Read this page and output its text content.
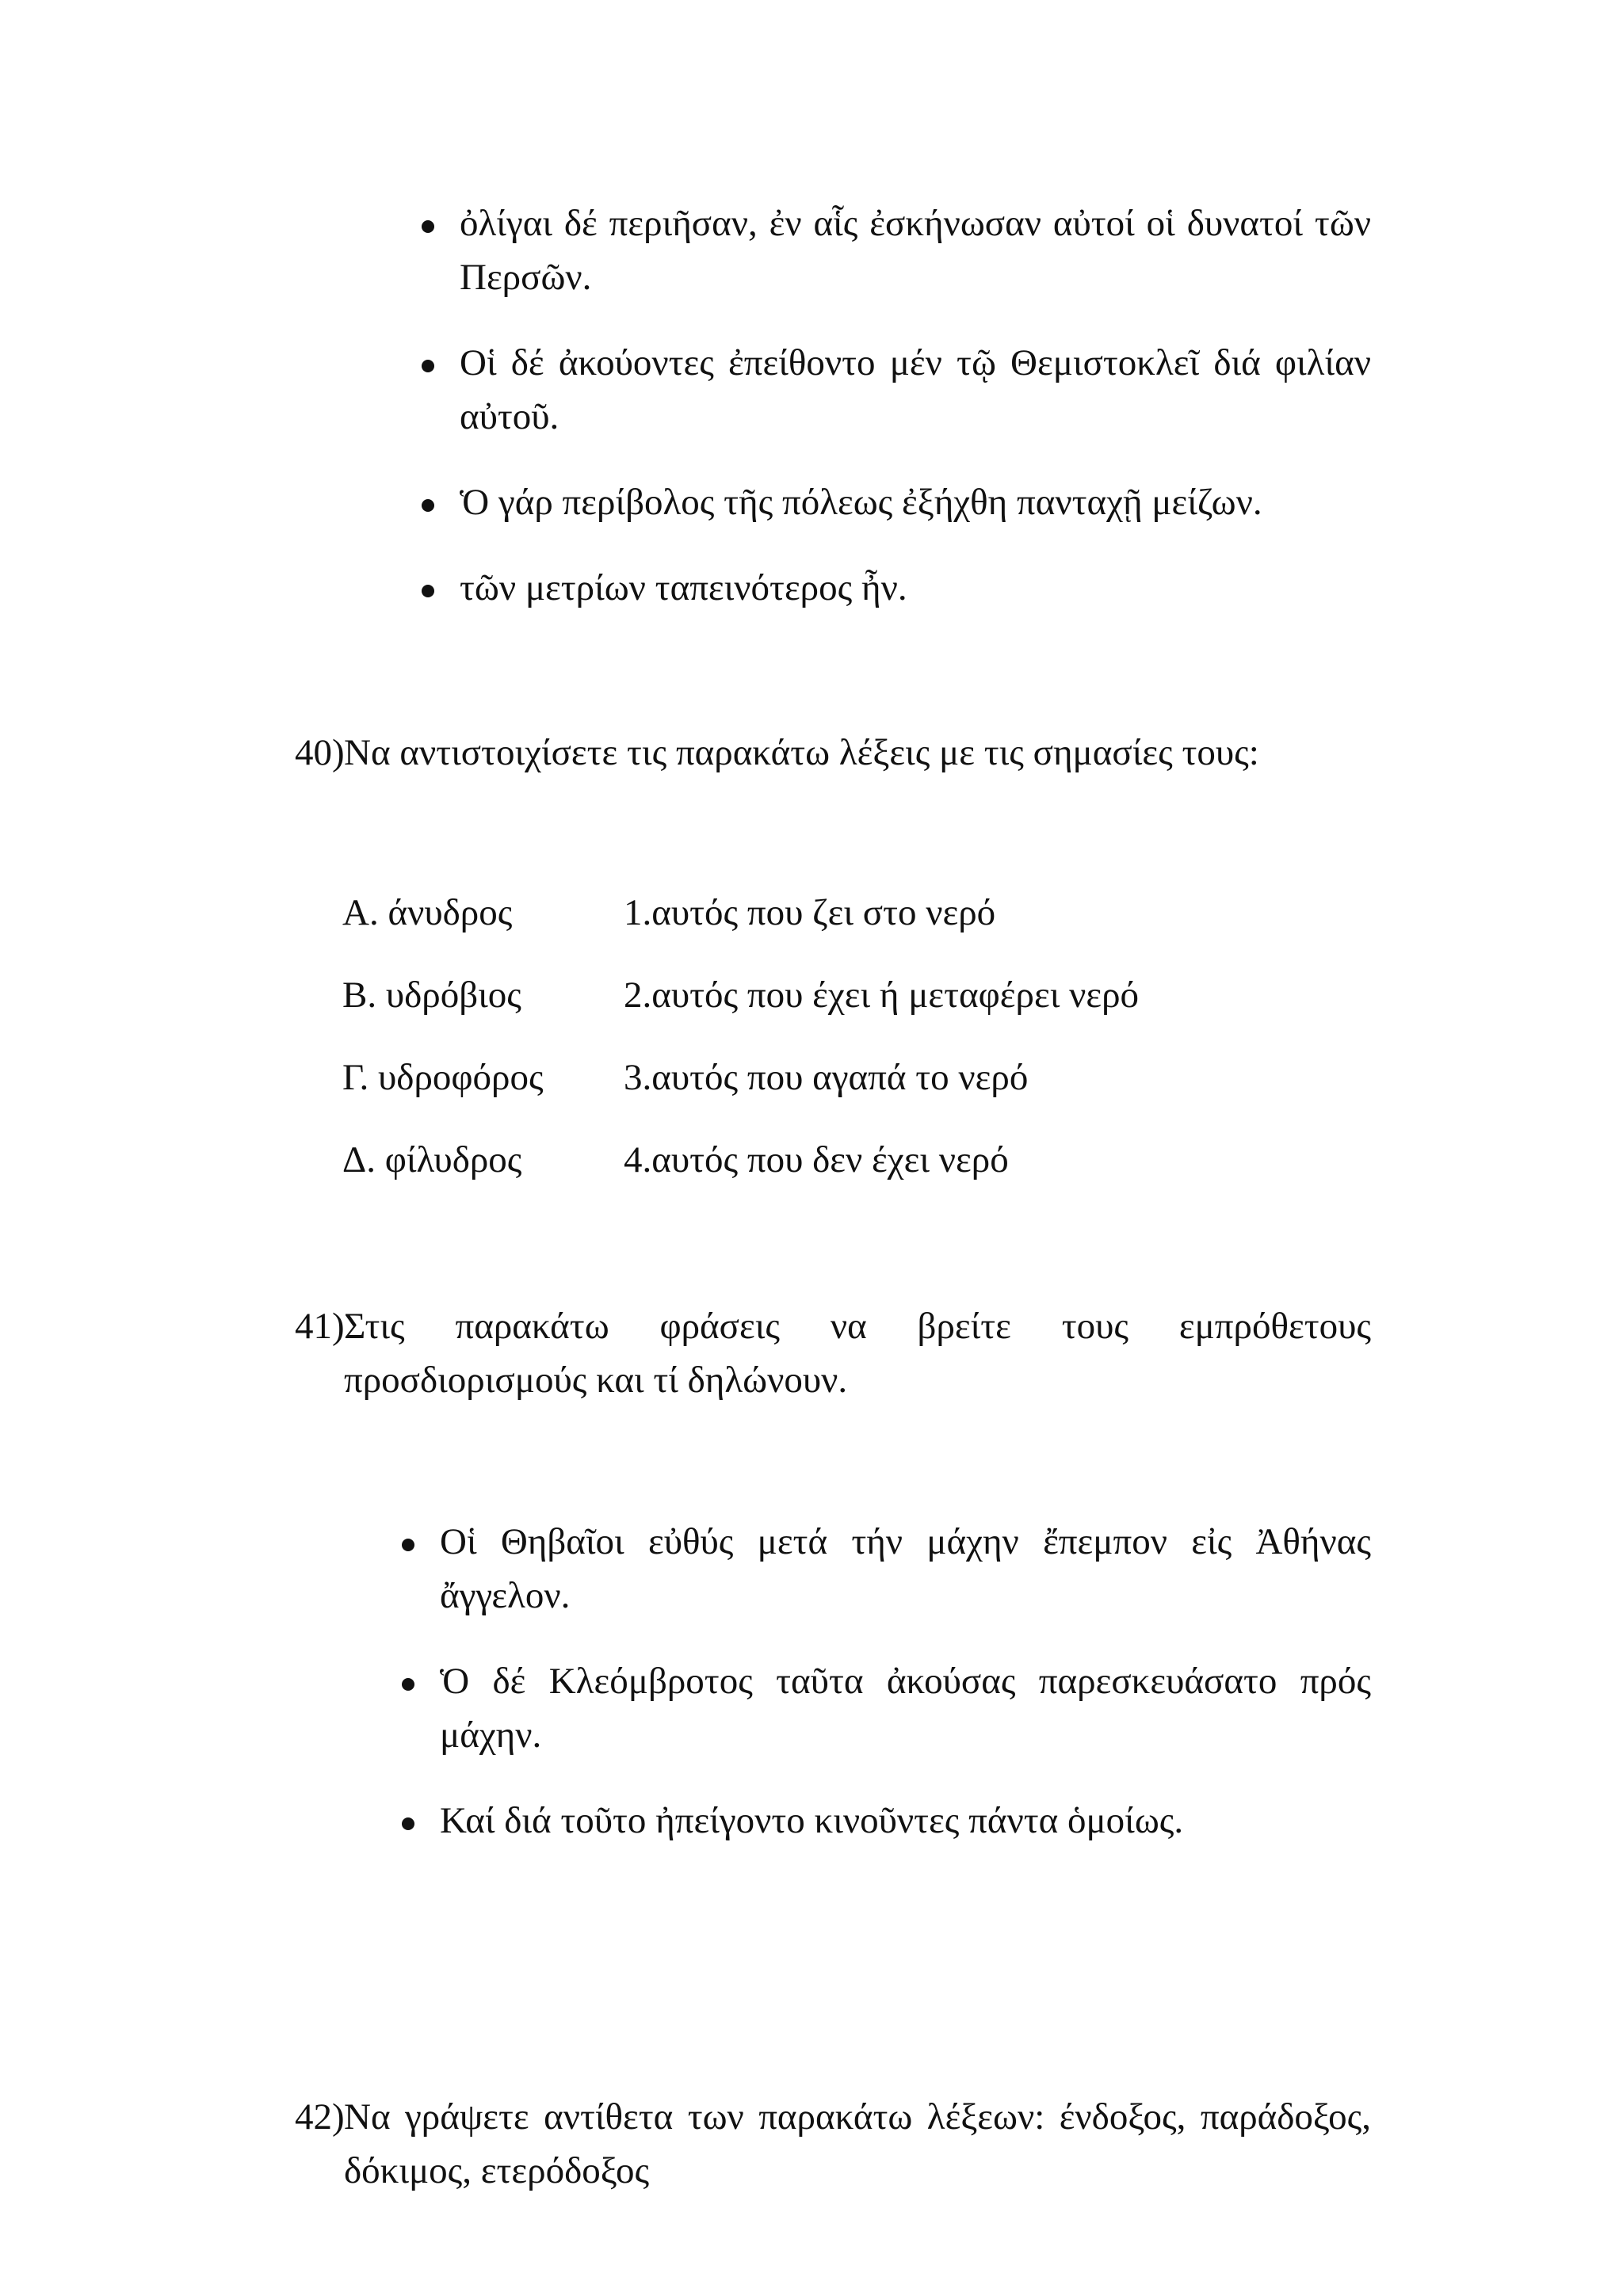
ὀλίγαι δέ περιῆσαν, ἐν αἷς ἐσκήνωσαν αὐτοί οἱ δυνατοί τῶν Περσῶν.
Οἱ δέ ἀκούοντες ἐπείθοντο μέν τῷ Θεμιστοκλεῖ διά φιλίαν αὐτοῦ.
Ὁ γάρ περίβολος τῆς πόλεως ἐξήχθη πανταχῇ μείζων.
τῶν μετρίων ταπεινότερος ἦν.
40) Να αντιστοιχίσετε τις παρακάτω λέξεις με τις σημασίες τους:
Α. άνυδρος	1.αυτός που ζει στο νερό
Β. υδρόβιος	2.αυτός που έχει ή μεταφέρει νερό
Γ. υδροφόρος	3.αυτός που αγαπά το νερό
Δ. φίλυδρος	4.αυτός που δεν έχει νερό
41) Στις παρακάτω φράσεις να βρείτε τους εμπρόθετους προσδιορισμούς και τί δηλώνουν.
Οἱ Θηβαῖοι εὐθύς μετά τήν μάχην ἔπεμπον εἰς Ἀθήνας ἄγγελον.
Ὁ δέ Κλεόμβροτος ταῦτα ἀκούσας παρεσκευάσατο πρός μάχην.
Καί διά τοῦτο ἠπείγοντο κινοῦντες πάντα ὁμοίως.
42) Να γράψετε αντίθετα των παρακάτω λέξεων: ένδοξος, παράδοξος, δόκιμος, ετερόδοξος
